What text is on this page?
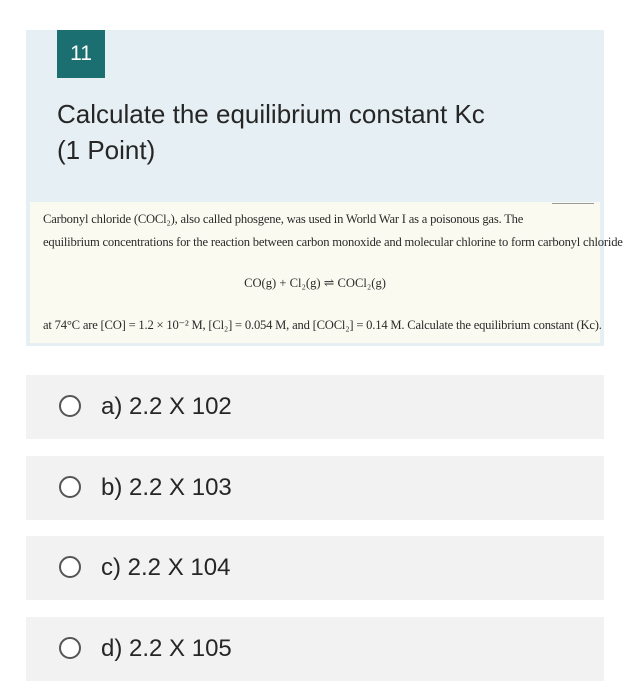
11
Calculate the equilibrium constant Kc
(1 Point)
Carbonyl chloride (COCl₂), also called phosgene, was used in World War I as a poisonous gas. The
equilibrium concentrations for the reaction between carbon monoxide and molecular chlorine to form carbonyl chloride
CO(g) + Cl₂(g) ⇌ COCl₂(g)
at 74°C are [CO] = 1.2 × 10⁻² M, [Cl₂] = 0.054 M, and [COCl₂] = 0.14 M. Calculate the equilibrium constant (Kc).
a) 2.2 X 102
b) 2.2 X 103
c) 2.2 X 104
d) 2.2 X 105
